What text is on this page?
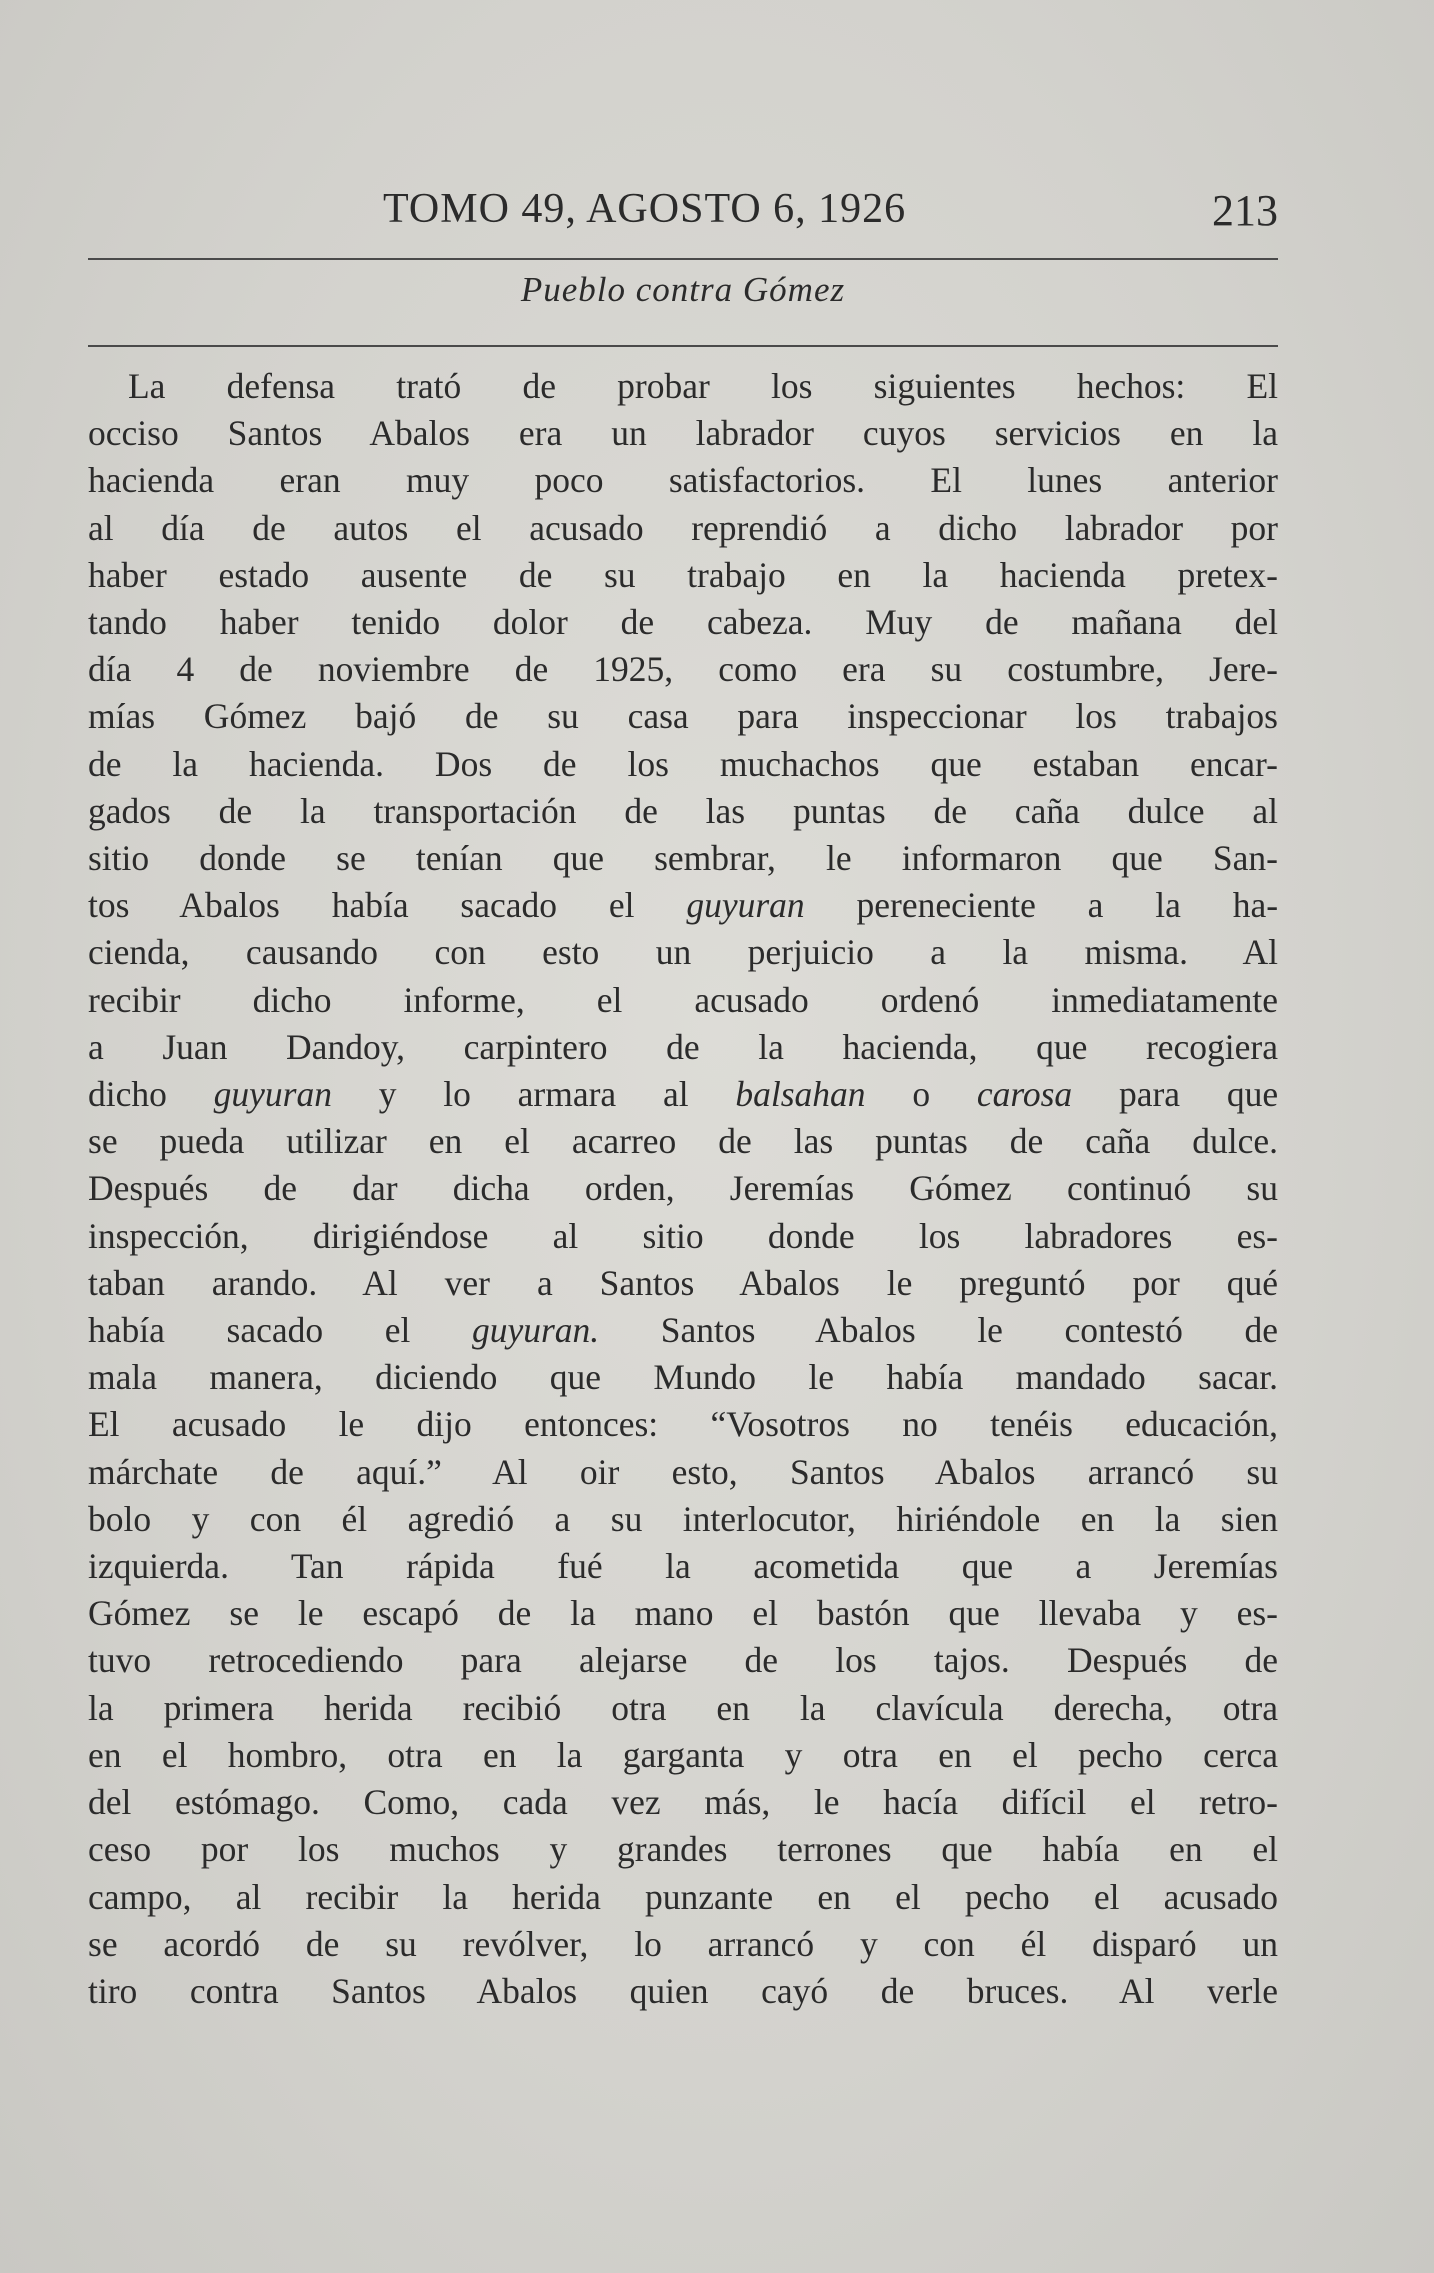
TOMO 49, AGOSTO 6, 1926	213
Pueblo contra Gómez
La defensa trató de probar los siguientes hechos: El
occiso Santos Abalos era un labrador cuyos servicios en la
hacienda eran muy poco satisfactorios. El lunes anterior
al día de autos el acusado reprendió a dicho labrador por
haber estado ausente de su trabajo en la hacienda pretex-
tando haber tenido dolor de cabeza. Muy de mañana del
día 4 de noviembre de 1925, como era su costumbre, Jere-
mías Gómez bajó de su casa para inspeccionar los trabajos
de la hacienda. Dos de los muchachos que estaban encar-
gados de la transportación de las puntas de caña dulce al
sitio donde se tenían que sembrar, le informaron que San-
tos Abalos había sacado el guyuran pereneciente a la ha-
cienda, causando con esto un perjuicio a la misma. Al
recibir dicho informe, el acusado ordenó inmediatamente
a Juan Dandoy, carpintero de la hacienda, que recogiera
dicho guyuran y lo armara al balsahan o carosa para que
se pueda utilizar en el acarreo de las puntas de caña dulce.
Después de dar dicha orden, Jeremías Gómez continuó su
inspección, dirigiéndose al sitio donde los labradores es-
taban arando. Al ver a Santos Abalos le preguntó por qué
había sacado el guyuran. Santos Abalos le contestó de
mala manera, diciendo que Mundo le había mandado sacar.
El acusado le dijo entonces: “Vosotros no tenéis educación,
márchate de aquí.” Al oir esto, Santos Abalos arrancó su
bolo y con él agredió a su interlocutor, hiriéndole en la sien
izquierda. Tan rápida fué la acometida que a Jeremías
Gómez se le escapó de la mano el bastón que llevaba y es-
tuvo retrocediendo para alejarse de los tajos. Después de
la primera herida recibió otra en la clavícula derecha, otra
en el hombro, otra en la garganta y otra en el pecho cerca
del estómago. Como, cada vez más, le hacía difícil el retro-
ceso por los muchos y grandes terrones que había en el
campo, al recibir la herida punzante en el pecho el acusado
se acordó de su revólver, lo arrancó y con él disparó un
tiro contra Santos Abalos quien cayó de bruces. Al verle
